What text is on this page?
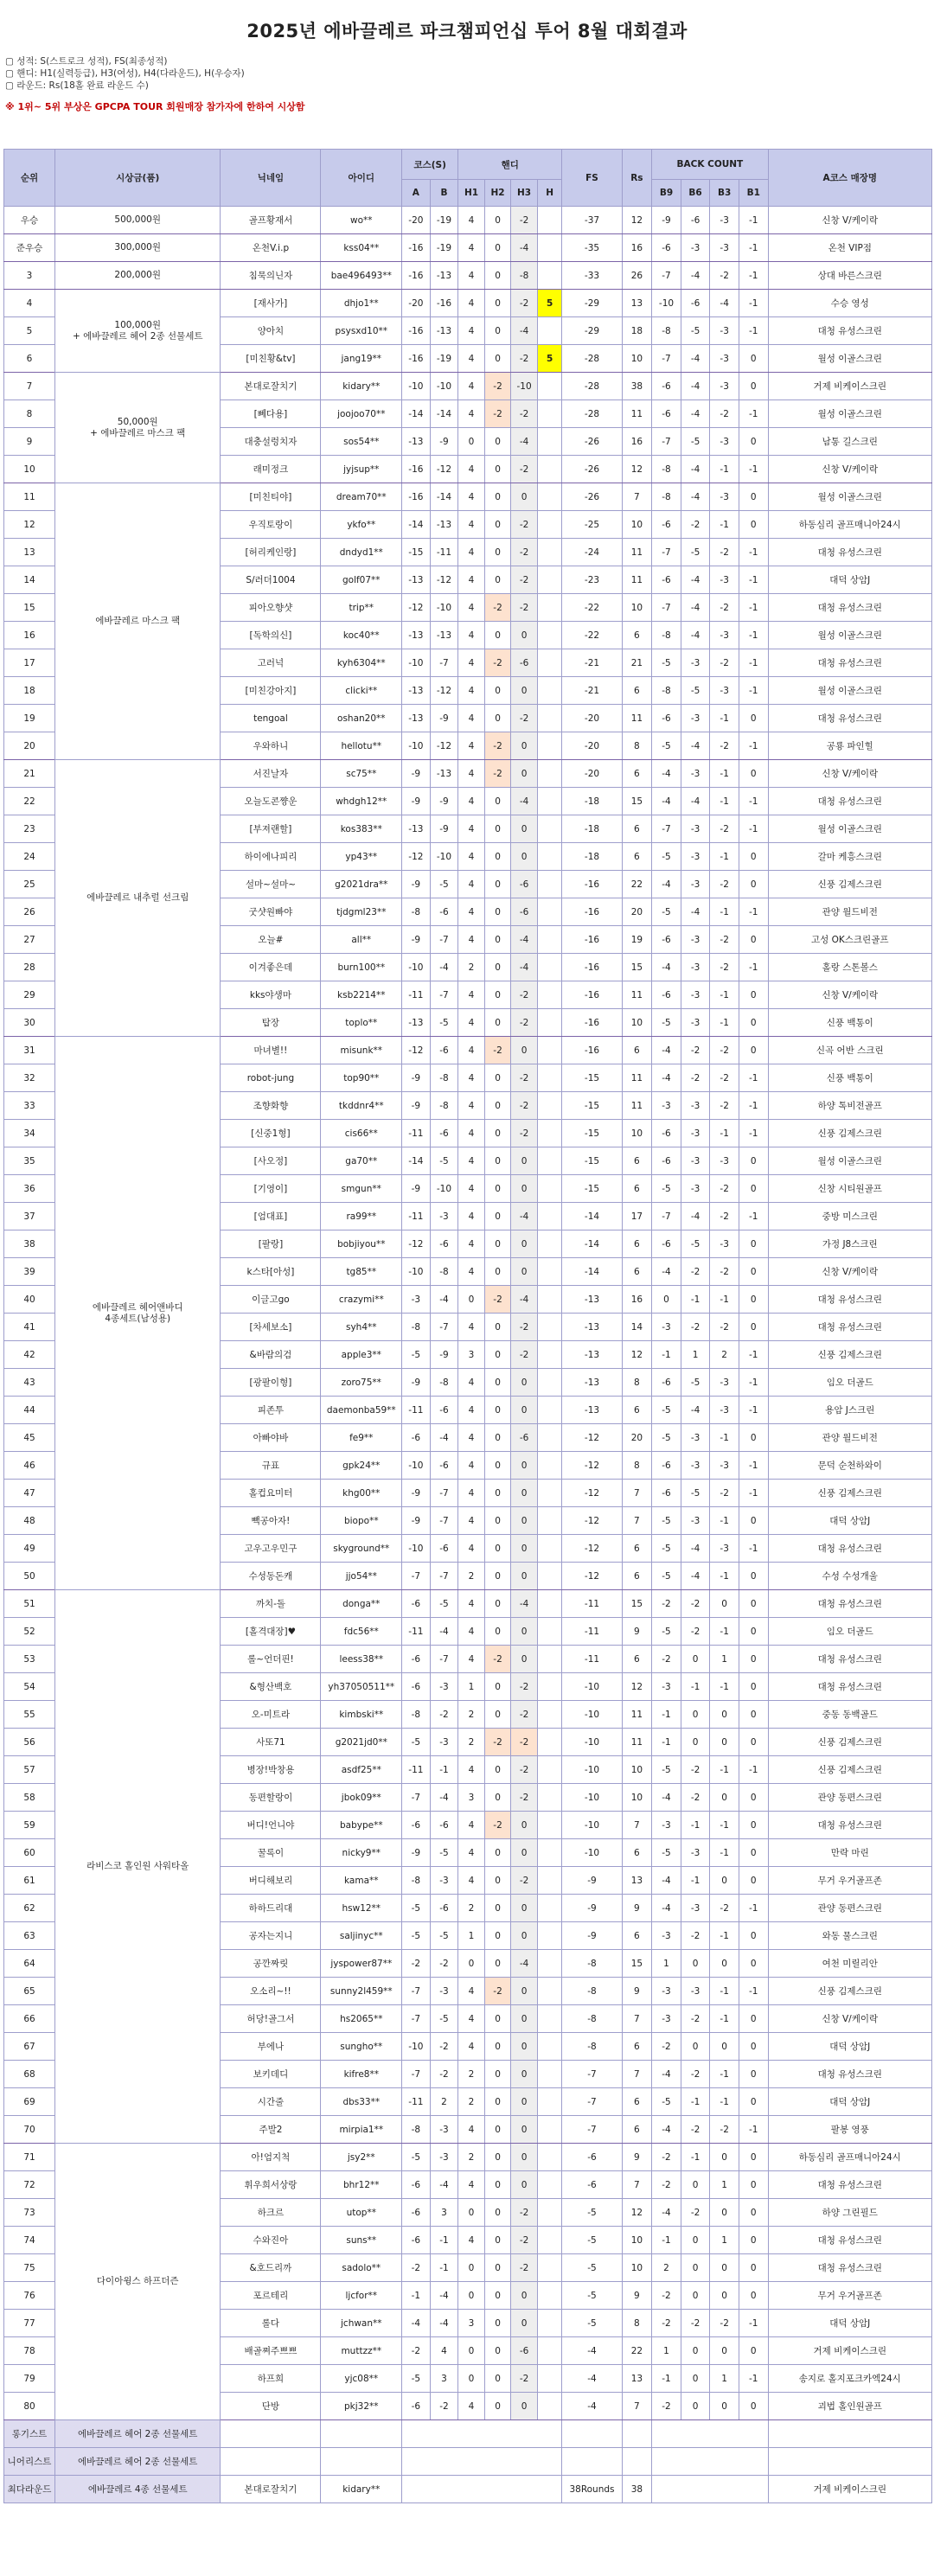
2025년 에바끌레르 파크챔피언십 투어 8월 대회결과
▢ 성적: S(스트로크 성적), FS(최종성적)
▢ 핸디: H1(실력등급), H3(여성), H4(다라운드), H(우승자)
▢ 라운드: Rs(18홀 완료 라운드 수)
※ 1위~ 5위 부상은 GPCPA TOUR 회원매장 참가자에 한하여 시상함
순위	시상금(품)	닉네임	아이디	코스(S)		핸디				FS	Rs	BACK COUNT				A코스 매장명
				A	B	H1	H2	H3	H			B9	B6	B3	B1	
우승	500,000원	골프황재서	wo**	-20	-19	4	0	-2		-37	12	-9	-6	-3	-1	신창 V/케이락
준우승	300,000원	온천V.i.p	kss04**	-16	-19	4	0	-4		-35	16	-6	-3	-3	-1	온천 VIP점
3	200,000원	침묵의닌자	bae496493**	-16	-13	4	0	-8		-33	26	-7	-4	-2	-1	상대 바른스크린
4	100,000원
+ 에바끌레르 헤어 2종 선물세트	[재사가]	dhjo1**	-20	-16	4	0	-2	5	-29	13	-10	-6	-4	-1	수승 영성
5		양아치	psysxd10**	-16	-13	4	0	-4		-29	18	-8	-5	-3	-1	대청 유성스크린
6		[미친황&tv]	jang19**	-16	-19	4	0	-2	5	-28	10	-7	-4	-3	0	월성 이골스크린
7	50,000원
+ 에바끌레르 마스크 팩	본대로잘치기	kidary**	-10	-10	4	-2	-10		-28	38	-6	-4	-3	0	거제 비케이스크린
8		[뻬다용]	joojoo70**	-14	-14	4	-2	-2		-28	11	-6	-4	-2	-1	월성 이골스크린
9		대충설렁치자	sos54**	-13	-9	0	0	-4		-26	16	-7	-5	-3	0	남통 길스크린
10		래미정크	jyjsup**	-16	-12	4	0	-2		-26	12	-8	-4	-1	-1	신창 V/케이락
11	에바끌레르 마스크 팩	[미친티야]	dream70**	-16	-14	4	0	0		-26	7	-8	-4	-3	0	월성 이골스크린
12		우직토랑이	ykfo**	-14	-13	4	0	-2		-25	10	-6	-2	-1	0	하동심리 골프매니아24시
13		[허리케인랑]	dndyd1**	-15	-11	4	0	-2		-24	11	-7	-5	-2	-1	대청 유성스크린
14		S/러더1004	golf07**	-13	-12	4	0	-2		-23	11	-6	-4	-3	-1	대덕 상암J
15		피아오향샷	trip**	-12	-10	4	-2	-2		-22	10	-7	-4	-2	-1	대청 유성스크린
16		[독학의신]	koc40**	-13	-13	4	0	0		-22	6	-8	-4	-3	-1	월성 이골스크린
17		고러넉	kyh6304**	-10	-7	4	-2	-6		-21	21	-5	-3	-2	-1	대청 유성스크린
18		[미친강아지]	clicki**	-13	-12	4	0	0		-21	6	-8	-5	-3	-1	월성 이골스크린
19		tengoal	oshan20**	-13	-9	4	0	-2		-20	11	-6	-3	-1	0	대청 유성스크린
20		우와하니	hellotu**	-10	-12	4	-2	0		-20	8	-5	-4	-2	-1	공룡 파인힐
21	에바끌레르 내추럴 선크림	서진날자	sc75**	-9	-13	4	-2	0		-20	6	-4	-3	-1	0	신창 V/케이락
22		오늘도콘쨩운	whdgh12**	-9	-9	4	0	-4		-18	15	-4	-4	-1	-1	대청 유성스크린
23		[부져랜할]	kos383**	-13	-9	4	0	0		-18	6	-7	-3	-2	-1	월성 이골스크린
24		하이에나피리	yp43**	-12	-10	4	0	0		-18	6	-5	-3	-1	0	갈마 케흥스크린
25		설마~설마~	g2021dra**	-9	-5	4	0	-6		-16	22	-4	-3	-2	0	신풍 김제스크린
26		굿샷원빠야	tjdgml23**	-8	-6	4	0	-6		-16	20	-5	-4	-1	-1	관양 월드비전
27		오늘#	all**	-9	-7	4	0	-4		-16	19	-6	-3	-2	0	고성 OK스크린골프
28		이겨좋은데	burn100**	-10	-4	2	0	-4		-16	15	-4	-3	-2	-1	홀랑 스톤볼스
29		kks야생마	ksb2214**	-11	-7	4	0	-2		-16	11	-6	-3	-1	0	신창 V/케이락
30		탑장	toplo**	-13	-5	4	0	-2		-16	10	-5	-3	-1	0	신풍 백통이
31	에바끌레르 헤어앤바디
4종세트(남성용)	마녀별!!	misunk**	-12	-6	4	-2	0		-16	6	-4	-2	-2	0	신곡 어반 스크린
32		robot-jung	top90**	-9	-8	4	0	-2		-15	11	-4	-2	-2	-1	신풍 백통이
33		조향화향	tkddnr4**	-9	-8	4	0	-2		-15	11	-3	-3	-2	-1	하양 톡비전골프
34		[신중1형]	cis66**	-11	-6	4	0	-2		-15	10	-6	-3	-1	-1	신풍 김제스크린
35		[사오정]	ga70**	-14	-5	4	0	0		-15	6	-6	-3	-3	0	월성 이골스크린
36		[기영이]	smgun**	-9	-10	4	0	0		-15	6	-5	-3	-2	0	신창 시티원골프
37		[엄대표]	ra99**	-11	-3	4	0	-4		-14	17	-7	-4	-2	-1	중방 미스크린
38		[팔랑]	bobjiyou**	-12	-6	4	0	0		-14	6	-6	-5	-3	0	가정 J8스크린
39		k스타[아성]	tg85**	-10	-8	4	0	0		-14	6	-4	-2	-2	0	신창 V/케이락
40		이글고go	crazymi**	-3	-4	0	-2	-4		-13	16	0	-1	-1	0	대청 유성스크린
41		[차세보소]	syh4**	-8	-7	4	0	-2		-13	14	-3	-2	-2	0	대청 유성스크린
42		&바람의검	apple3**	-5	-9	3	0	-2		-13	12	-1	1	2	-1	신풍 김제스크린
43		[광팔이형]	zoro75**	-9	-8	4	0	0		-13	8	-6	-5	-3	-1	임오 더골드
44		피존투	daemonba59**	-11	-6	4	0	0		-13	6	-5	-4	-3	-1	용암 J스크린
45		아빠야바	fe9**	-6	-4	4	0	-6		-12	20	-5	-3	-1	0	관양 월드비전
46		규표	gpk24**	-10	-6	4	0	0		-12	8	-6	-3	-3	-1	문덕 순천하와이
47		홀컵요미터	khg00**	-9	-7	4	0	0		-12	7	-6	-5	-2	-1	신풍 김제스크린
48		빽공아자!	biopo**	-9	-7	4	0	0		-12	7	-5	-3	-1	0	대덕 상암J
49		고우고우민구	skyground**	-10	-6	4	0	0		-12	6	-5	-4	-3	-1	대청 유성스크린
50		수성동돈캐	jjo54**	-7	-7	2	0	0		-12	6	-5	-4	-1	0	수성 수성개울
51	라비스코 홀인원 사워타올	까치-돌	donga**	-6	-5	4	0	-4		-11	15	-2	-2	0	0	대청 유성스크린
52		[홀격대장]♥	fdc56**	-11	-4	4	0	0		-11	9	-5	-2	-1	0	임오 더골드
53		롤~언더핀!	leess38**	-6	-7	4	-2	0		-11	6	-2	0	1	0	대청 유성스크린
54		&형산백호	yh37050511**	-6	-3	1	0	-2		-10	12	-3	-1	-1	0	대청 유성스크린
55		오-미트라	kimbski**	-8	-2	2	0	-2		-10	11	-1	0	0	0	중동 동백골드
56		사또71	g2021jd0**	-5	-3	2	-2	-2		-10	11	-1	0	0	0	신풍 김제스크린
57		병장!박창용	asdf25**	-11	-1	4	0	-2		-10	10	-5	-2	-1	-1	신풍 김제스크린
58		동편할랑이	jbok09**	-7	-4	3	0	-2		-10	10	-4	-2	0	0	관양 동편스크린
59		버디!언니야	babype**	-6	-6	4	-2	0		-10	7	-3	-1	-1	0	대청 유성스크린
60		꿀록이	nicky9**	-9	-5	4	0	0		-10	6	-5	-3	-1	0	만락 마린
61		버디해보리	kama**	-8	-3	4	0	-2		-9	13	-4	-1	0	0	무거 우거골프존
62		하하드리대	hsw12**	-5	-6	2	0	0		-9	9	-4	-3	-2	-1	관양 동편스크린
63		공자는지니	saljinyc**	-5	-5	1	0	0		-9	6	-3	-2	-1	0	와동 물스크린
64		공깐짜릿	jyspower87**	-2	-2	0	0	-4		-8	15	1	0	0	0	여천 미릴리안
65		오소리~!!	sunny2l459**	-7	-3	4	-2	0		-8	9	-3	-3	-1	-1	신풍 김제스크린
66		허당!골그서	hs2065**	-7	-5	4	0	0		-8	7	-3	-2	-1	0	신창 V/케이락
67		부에나	sungho**	-10	-2	4	0	0		-8	6	-2	0	0	0	대덕 상암J
68		보키데디	kifre8**	-7	-2	2	0	0		-7	7	-4	-2	-1	0	대청 유성스크린
69		시간줄	dbs33**	-11	2	2	0	0		-7	6	-5	-1	-1	0	대덕 상암J
70		주발2	mirpia1**	-8	-3	4	0	0		-7	6	-4	-2	-2	-1	팔봉 영풍
71	다이아윙스 하프더즌	아!엄지척	jsy2**	-5	-3	2	0	0		-6	9	-2	-1	0	0	하동심리 골프매니아24시
72		휘우희서상랑	bhr12**	-6	-4	4	0	0		-6	7	-2	0	1	0	대청 유성스크린
73		하크르	utop**	-6	3	0	0	-2		-5	12	-4	-2	0	0	하양 그린필드
74		수와진아	suns**	-6	-1	4	0	-2		-5	10	-1	0	1	0	대청 유성스크린
75		&호드리까	sadolo**	-2	-1	0	0	-2		-5	10	2	0	0	0	대청 유성스크린
76		포르테리	ljcfor**	-1	-4	0	0	0		-5	9	-2	0	0	0	무거 우거골프존
77		롤다	jchwan**	-4	-4	3	0	0		-5	8	-2	-2	-2	-1	대덕 상암J
78		배골쪄주쁘쁘	muttzz**	-2	4	0	0	-6		-4	22	1	0	0	0	거제 비케이스크린
79		하프희	yjc08**	-5	3	0	0	-2		-4	13	-1	0	1	-1	송지로 홀지포크카엑24시
80		단방	pkj32**	-6	-2	4	0	0		-4	7	-2	0	0	0	괴법 홀인원골프
롱기스트	에바끌레르 헤어 2종 선물세트															
니어리스트	에바끌레르 헤어 2종 선물세트															
최다라운드	에바끌레르 4종 선물세트	본대로잘치기	kidary**							38Rounds	38					거제 비케이스크린
